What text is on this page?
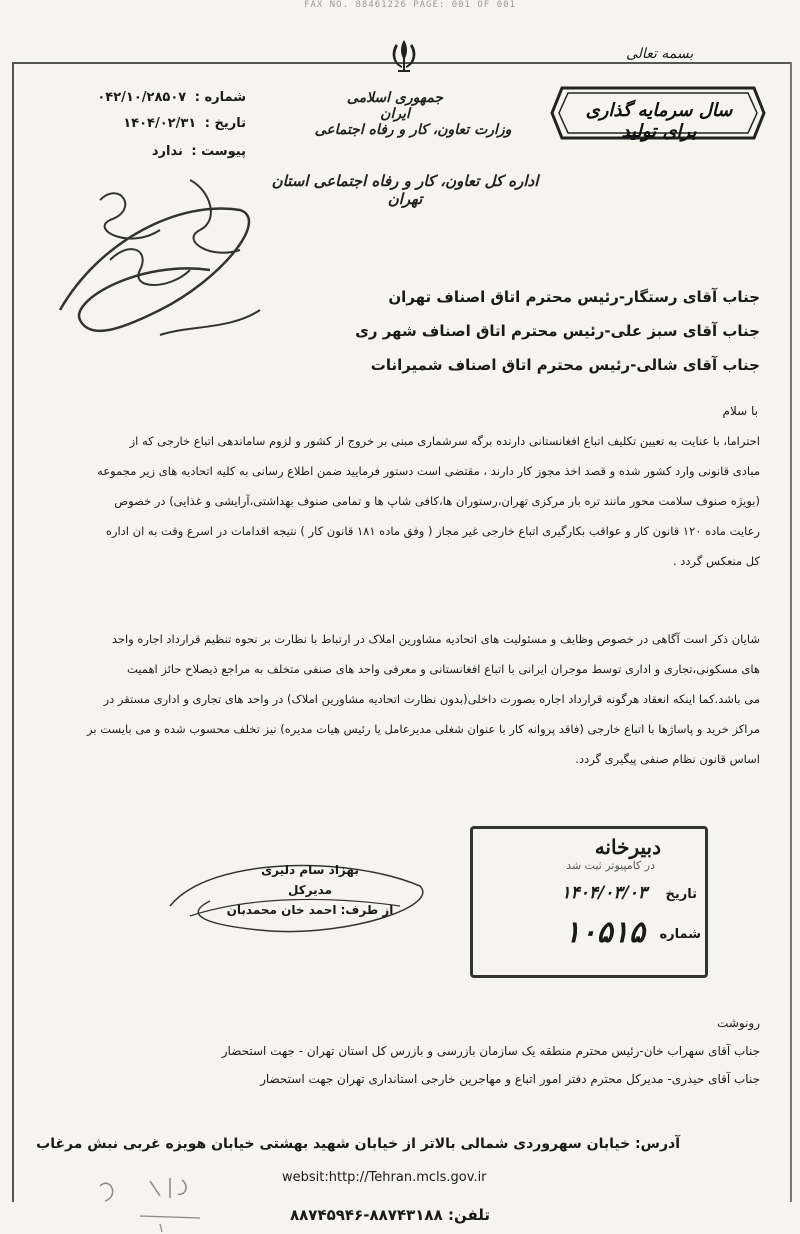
FAX NO. 88461226 PAGE: 001 OF 001
بسمه تعالی
سال سرمایه گذاری برای تولید
جمهوری اسلامی ایران
وزارت تعاون، کار و رفاه اجتماعی
اداره کل تعاون، کار و رفاه اجتماعی استان تهران
شماره : ۰۴۲/۱۰/۲۸۵۰۷
تاریخ : ۱۴۰۴/۰۲/۳۱
پیوست : ندارد
جناب آقای رستگار-رئیس محترم اتاق اصناف تهران
جناب آقای سبز علی-رئیس محترم اتاق اصناف شهر ری
جناب آقای شالی-رئیس محترم اتاق اصناف شمیرانات
با سلام
احتراما، با عنایت به تعیین تکلیف اتباع افغانستانی دارنده برگه سرشماری مبنی بر خروج از کشور و لزوم ساماندهی اتباع خارجی که از
مبادی قانونی وارد کشور شده و قصد اخذ مجوز کار دارند ، مقتضی است دستور فرمایید ضمن اطلاع رسانی به کلیه اتحادیه های زیر مجموعه
(بویژه صنوف سلامت محور مانند تره بار مرکزی تهران،رستوران ها،کافی شاپ ها و تمامی صنوف بهداشتی،آرایشی و غذایی) در خصوص
رعایت ماده ۱۲۰ قانون کار و عواقب بکارگیری اتباع خارجی غیر مجاز ( وفق ماده ۱۸۱ قانون کار ) نتیجه اقدامات در اسرع وقت به ان اداره
کل منعکس گردد .
شایان ذکر است آگاهی در خصوص وظایف و مسئولیت های اتحادیه مشاورین املاک در ارتباط با نظارت بر نحوه تنظیم قرارداد اجاره واحد
های مسکونی،تجاری و اداری توسط موجران ایرانی با اتباع افغانستانی و معرفی واحد های صنفی متخلف به مراجع ذیصلاح حائز اهمیت
می باشد.کما اینکه انعقاد هرگونه قرارداد اجاره بصورت داخلی(بدون نظارت اتحادیه مشاورین املاک) در واحد های تجاری و اداری مستقر در
مراکز خرید و پاساژها با اتباع خارجی (فاقد پروانه کار با عنوان شغلی مدیرعامل یا رئیس هیات مدیره) نیز تخلف محسوب شده و می بایست بر
اساس قانون نظام صنفی پیگیری گردد.
بهزاد سام دلیری
مدیرکل
از طرف: احمد خان محمدبان
دبیرخانه
در کامپیوتر ثبت شد
تاریخ
۱۴۰۴/۰۳/۰۳
شماره
۱۰۵۱۵
رونوشت
جناب آقای سهراب خان-رئیس محترم منطقه یک سازمان بازرسی و بازرس کل استان تهران - جهت استحضار
جناب آقای حیدری- مدیرکل محترم دفتر امور اتباع و مهاجرین خارجی استانداری تهران جهت استحضار
آدرس: خیابان سهروردی شمالی بالاتر از خیابان شهید بهشتی خیابان هویزه غربی نبش مرغاب
websit:http://Tehran.mcls.gov.ir
تلفن: ۸۸۷۴۳۱۸۸-۸۸۷۴۵۹۴۶
